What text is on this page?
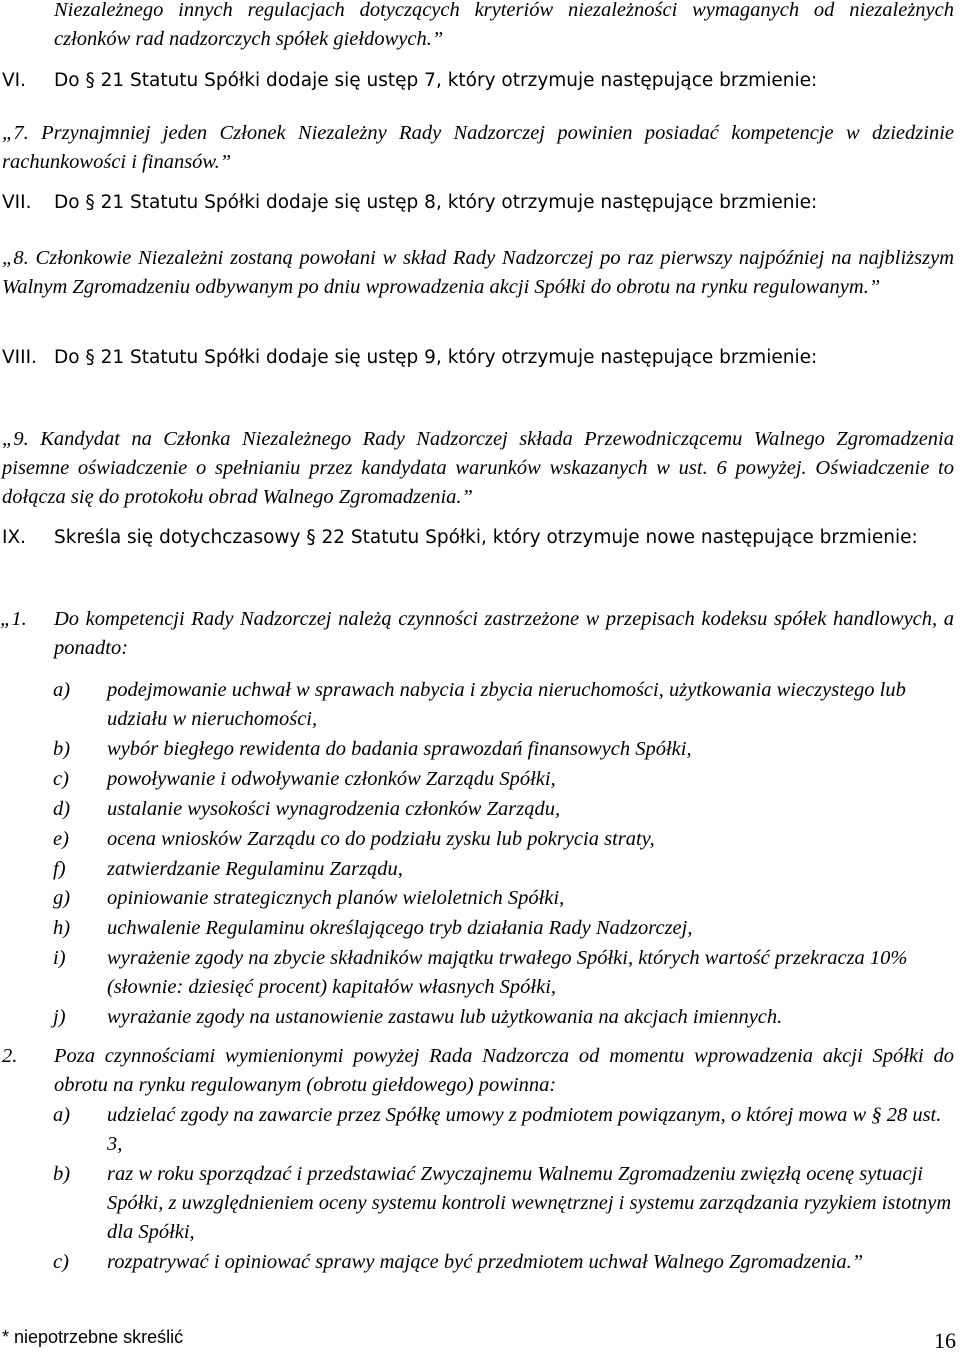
Niezależnego innych regulacjach dotyczących kryteriów niezależności wymaganych od niezależnych członków rad nadzorczych spółek giełdowych.”
VI. Do § 21 Statutu Spółki dodaje się ustęp 7, który otrzymuje następujące brzmienie:
„7. Przynajmniej jeden Członek Niezależny Rady Nadzorczej powinien posiadać kompetencje w dziedzinie rachunkowości i finansów.”
VII. Do § 21 Statutu Spółki dodaje się ustęp 8, który otrzymuje następujące brzmienie:
„8. Członkowie Niezależni zostaną powołani w skład Rady Nadzorczej po raz pierwszy najpóźniej na najbliższym Walnym Zgromadzeniu odbywanym po dniu wprowadzenia akcji Spółki do obrotu na rynku regulowanym.”
VIII. Do § 21 Statutu Spółki dodaje się ustęp 9, który otrzymuje następujące brzmienie:
„9. Kandydat na Członka Niezależnego Rady Nadzorczej składa Przewodniczącemu Walnego Zgromadzenia pisemne oświadczenie o spełnianiu przez kandydata warunków wskazanych w ust. 6 powyżej. Oświadczenie to dołącza się do protokołu obrad Walnego Zgromadzenia.”
IX. Skreśla się dotychczasowy § 22 Statutu Spółki, który otrzymuje nowe następujące brzmienie:
„1. Do kompetencji Rady Nadzorczej należą czynności zastrzeżone w przepisach kodeksu spółek handlowych, a ponadto:
a) podejmowanie uchwał w sprawach nabycia i zbycia nieruchomości, użytkowania wieczystego lub udziału w nieruchomości,
b) wybór biegłego rewidenta do badania sprawozdań finansowych Spółki,
c) powoływanie i odwoływanie członków Zarządu Spółki,
d) ustalanie wysokości wynagrodzenia członków Zarządu,
e) ocena wniosków Zarządu co do podziału zysku lub pokrycia straty,
f) zatwierdzanie Regulaminu Zarządu,
g) opiniowanie strategicznych planów wieloletnich Spółki,
h) uchwalenie Regulaminu określającego tryb działania Rady Nadzorczej,
i) wyrażenie zgody na zbycie składników majątku trwałego Spółki, których wartość przekracza 10% (słownie: dziesięć procent) kapitałów własnych Spółki,
j) wyrażanie zgody na ustanowienie zastawu lub użytkowania na akcjach imiennych.
2. Poza czynnościami wymienionymi powyżej Rada Nadzorcza od momentu wprowadzenia akcji Spółki do obrotu na rynku regulowanym (obrotu giełdowego) powinna:
a) udzielać zgody na zawarcie przez Spółkę umowy z podmiotem powiązanym, o której mowa w § 28 ust. 3,
b) raz w roku sporządzać i przedstawiać Zwyczajnemu Walnemu Zgromadzeniu zwięzłą ocenę sytuacji Spółki, z uwzględnieniem oceny systemu kontroli wewnętrznej i systemu zarządzania ryzykiem istotnym dla Spółki,
c) rozpatrywać i opiniować sprawy mające być przedmiotem uchwał Walnego Zgromadzenia.”
* niepotrzebne skreślić	16
